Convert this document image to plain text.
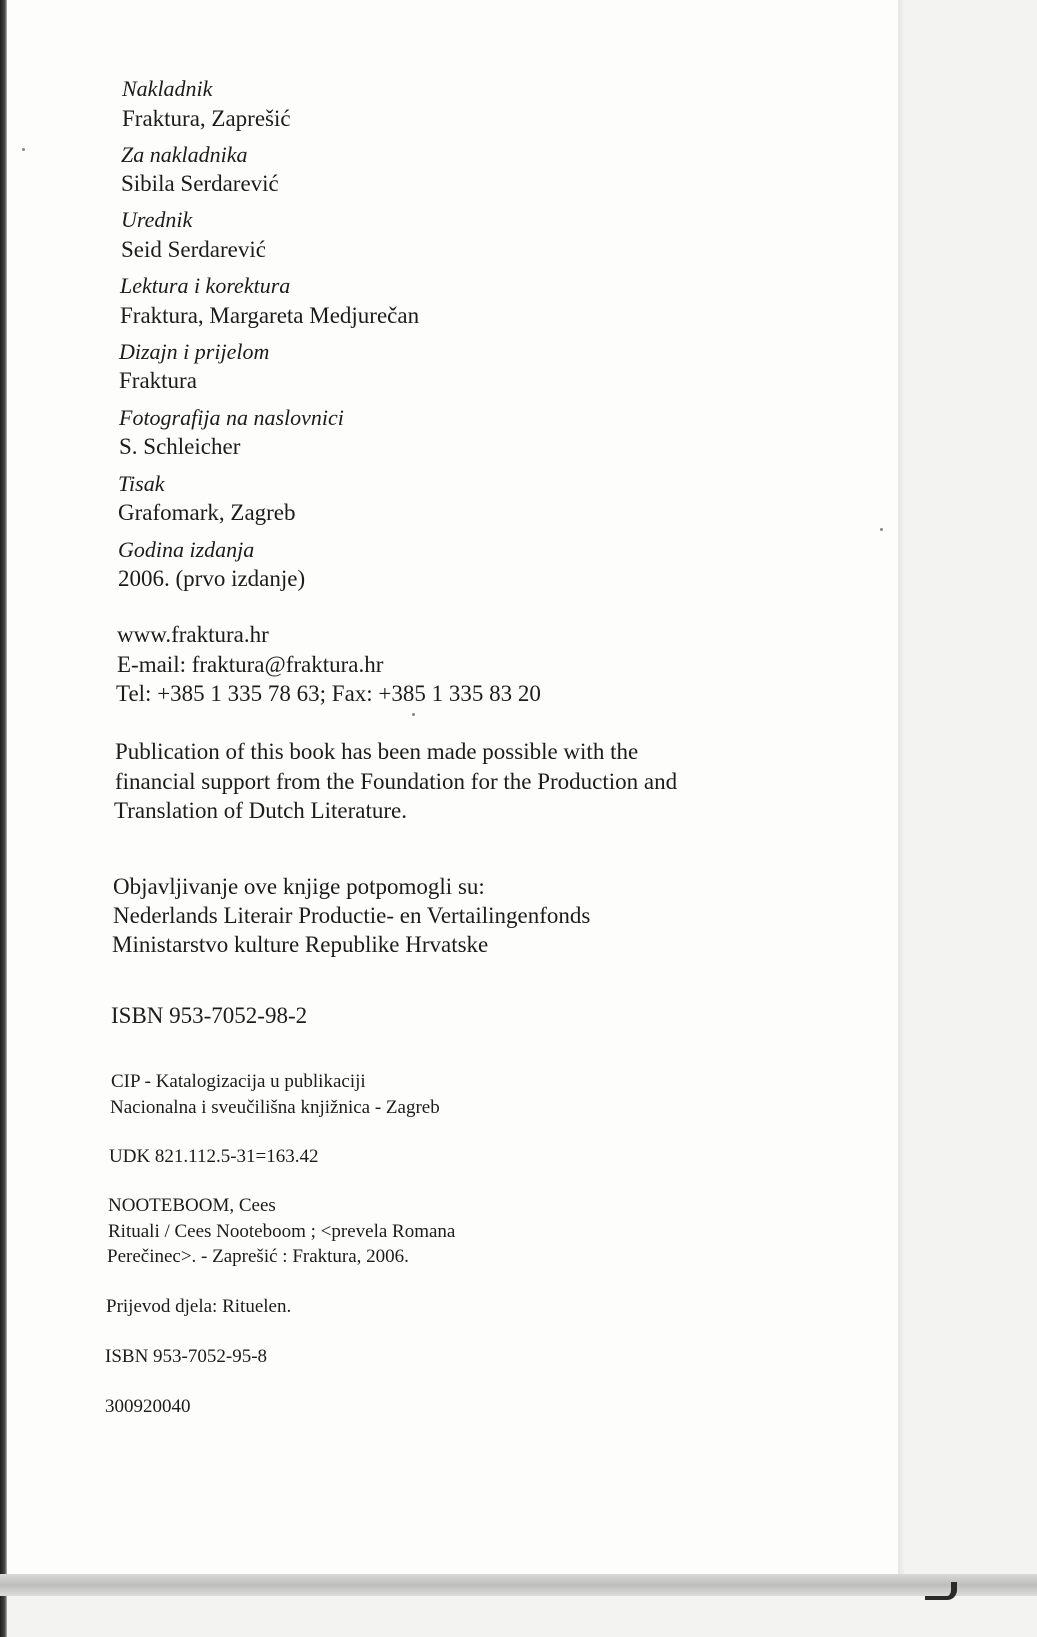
Nakladnik

Fraktura, Zaprešić

Za nakladnika

Sibila Serdarević

Urednik

Seid Serdarević

Lektura i korektura

Fraktura, Margareta Medjurečan

Dizajn i prijelom

Fraktura

Fotografija na naslovnici

S. Schleicher

Tisak

Grafomark, Zagreb

Godina izdanja

2006. (prvo izdanje)

www.fraktura.hr

E-mail: fraktura@fraktura.hr

Tel: +385 1 335 78 63; Fax: +385 1 335 83 20

Publication of this book has been made possible with the

financial support from the Foundation for the Production and

Translation of Dutch Literature.

Objavljivanje ove knjige potpomogli su:

Nederlands Literair Productie- en Vertailingenfonds

Ministarstvo kulture Republike Hrvatske

ISBN 953-7052-98-2

CIP - Katalogizacija u publikaciji

Nacionalna i sveučilišna knjižnica - Zagreb

UDK 821.112.5-31=163.42

NOOTEBOOM, Cees

Rituali / Cees Nooteboom ; <prevela Romana

Perečinec>. - Zaprešić : Fraktura, 2006.

Prijevod djela: Rituelen.

ISBN 953-7052-95-8

300920040
